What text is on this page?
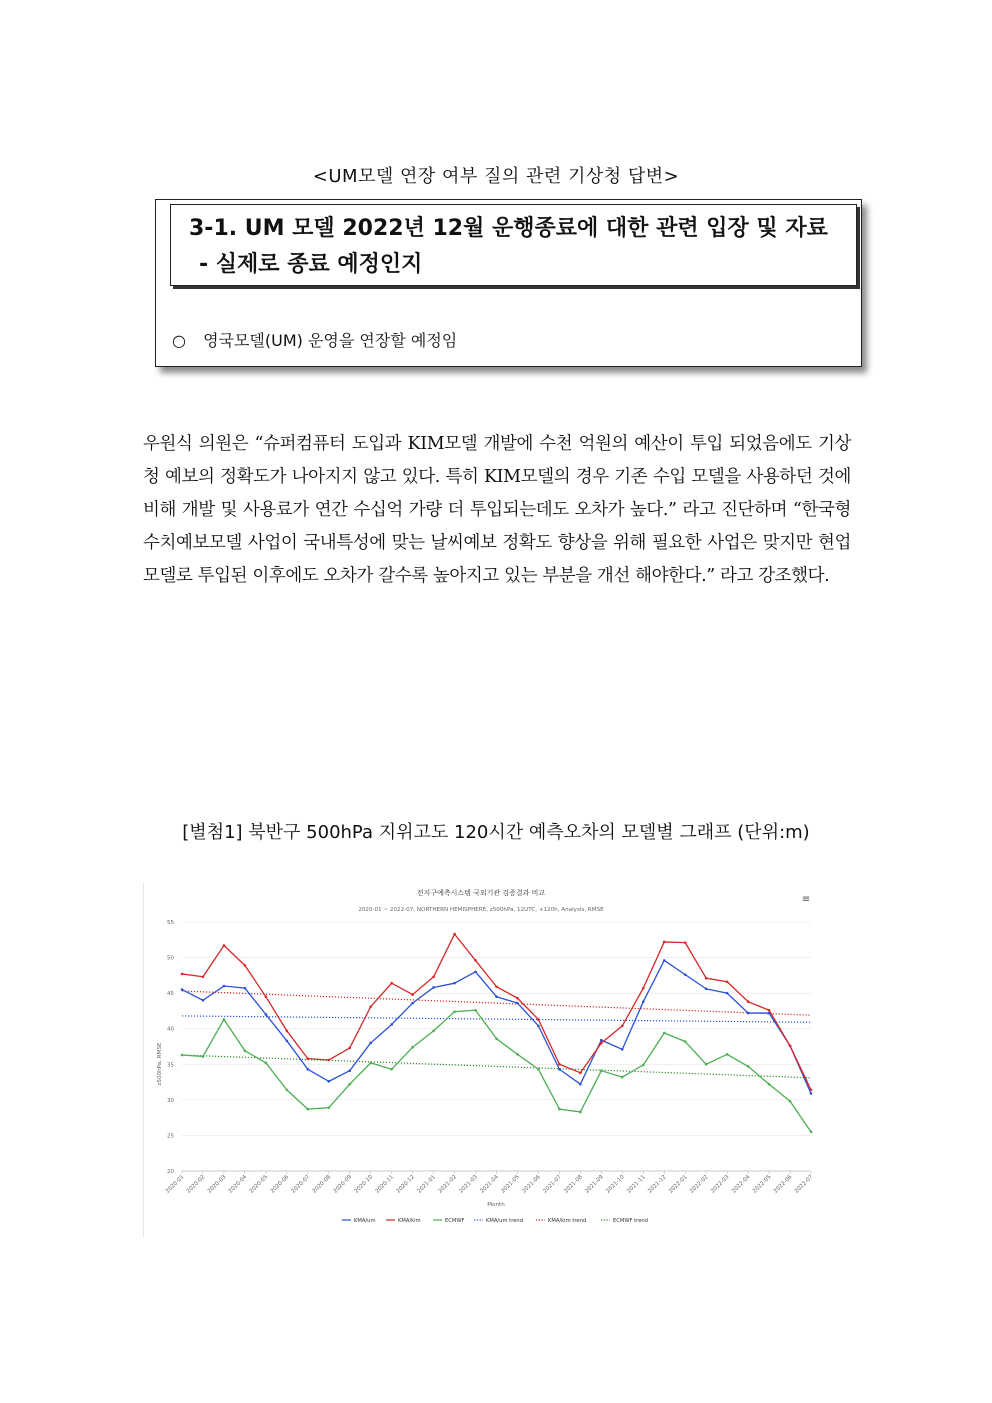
<UM모델 연장 여부 질의 관련 기상청 답변>
3-1. UM 모델 2022년 12월 운행종료에 대한 관련 입장 및 자료
- 실제로 종료 예정인지
○ 영국모델(UM) 운영을 연장할 예정임
우원식 의원은 “슈퍼컴퓨터 도입과 KIM모델 개발에 수천 억원의 예산이 투입 되었음에도 기상청 예보의 정확도가 나아지지 않고 있다. 특히 KIM모델의 경우 기존 수입 모델을 사용하던 것에 비해 개발 및 사용료가 연간 수십억 가량 더 투입되는데도 오차가 높다.” 라고 진단하며 “한국형수치예보모델 사업이 국내특성에 맞는 날씨예보 정확도 향상을 위해 필요한 사업은 맞지만 현업 모델로 투입된 이후에도 오차가 갈수록 높아지고 있는 부분을 개선 해야한다.” 라고 강조했다.
[별첨1] 북반구 500hPa 지위고도 120시간 예측오차의 모델별 그래프 (단위:m)
전지구예측시스템 국외기관 검증결과 비교
2020-01 ~ 2022-07, NORTHERN HEMISPHERE, z500hPa, 12UTC, +120h, Analysis, RMSE
≡
20
25
30
35
40
45
50
55
2020-01 2020-02 2020-03 2020-04 2020-05 2020-06 2020-07 2020-08 2020-09 2020-10 2020-11 2020-12 2021-01 2021-02 2021-03 2021-04 2021-05 2021-06 2021-07 2021-08 2021-09 2021-10 2021-11 2021-12 2022-01 2022-02 2022-03 2022-04 2022-05 2022-06 2022-07
z500hPa, RMSE
Month
KMA/um	KMA/kim	ECMWF	KMA/um trend	KMA/kim trend	ECMWF trend
